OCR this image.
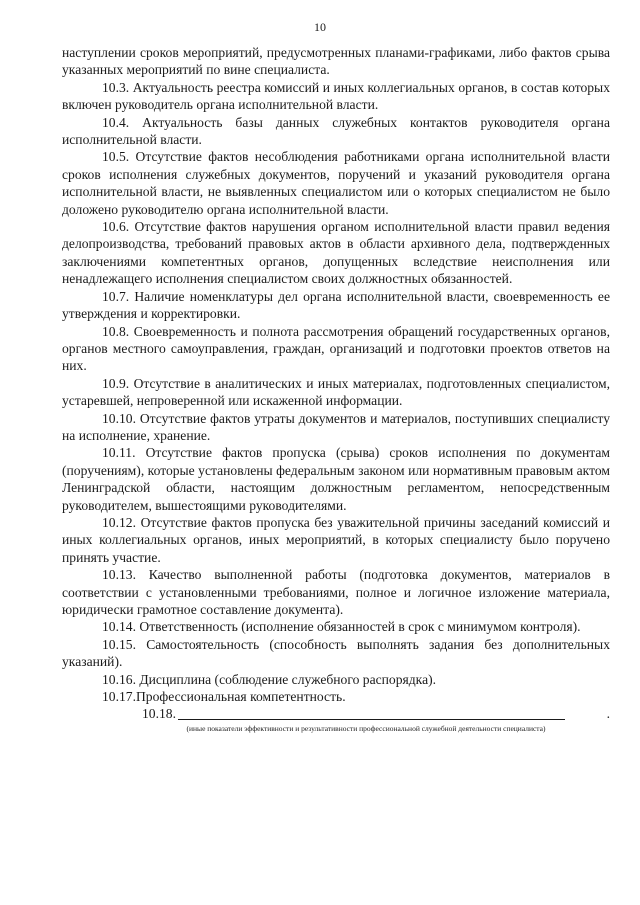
10

наступлении сроков мероприятий, предусмотренных планами-графиками, либо фактов срыва указанных мероприятий по вине специалиста.

10.3. Актуальность реестра комиссий и иных коллегиальных органов, в состав которых включен руководитель органа исполнительной власти.

10.4. Актуальность базы данных служебных контактов руководителя органа исполнительной власти.

10.5. Отсутствие фактов несоблюдения работниками органа исполнительной власти сроков исполнения служебных документов, поручений и указаний руководителя органа исполнительной власти, не выявленных специалистом или о которых специалистом не было доложено руководителю органа исполнительной власти.

10.6. Отсутствие фактов нарушения органом исполнительной власти правил ведения делопроизводства, требований правовых актов в области архивного дела, подтвержденных заключениями компетентных органов, допущенных вследствие неисполнения или ненадлежащего исполнения специалистом своих должностных обязанностей.

10.7. Наличие номенклатуры дел органа исполнительной власти, своевременность ее утверждения и корректировки.

10.8. Своевременность и полнота рассмотрения обращений государственных органов, органов местного самоуправления, граждан, организаций и подготовки проектов ответов на них.

10.9. Отсутствие в аналитических и иных материалах, подготовленных специалистом, устаревшей, непроверенной или искаженной информации.

10.10. Отсутствие фактов утраты документов и материалов, поступивших специалисту на исполнение, хранение.

10.11. Отсутствие фактов пропуска (срыва) сроков исполнения по документам (поручениям), которые установлены федеральным законом или нормативным правовым актом Ленинградской области, настоящим должностным регламентом, непосредственным руководителем, вышестоящими руководителями.

10.12. Отсутствие фактов пропуска без уважительной причины заседаний комиссий и иных коллегиальных органов, иных мероприятий, в которых специалисту было поручено принять участие.

10.13. Качество выполненной работы (подготовка документов, материалов в соответствии с установленными требованиями, полное и логичное изложение материала, юридически грамотное составление документа).

10.14. Ответственность (исполнение обязанностей в срок с минимумом контроля).

10.15. Самостоятельность (способность выполнять задания без дополнительных указаний).

10.16. Дисциплина (соблюдение служебного распорядка).

10.17.Профессиональная компетентность.

10.18.	.
(иные показатели эффективности и результативности профессиональной служебной деятельности специалиста)
